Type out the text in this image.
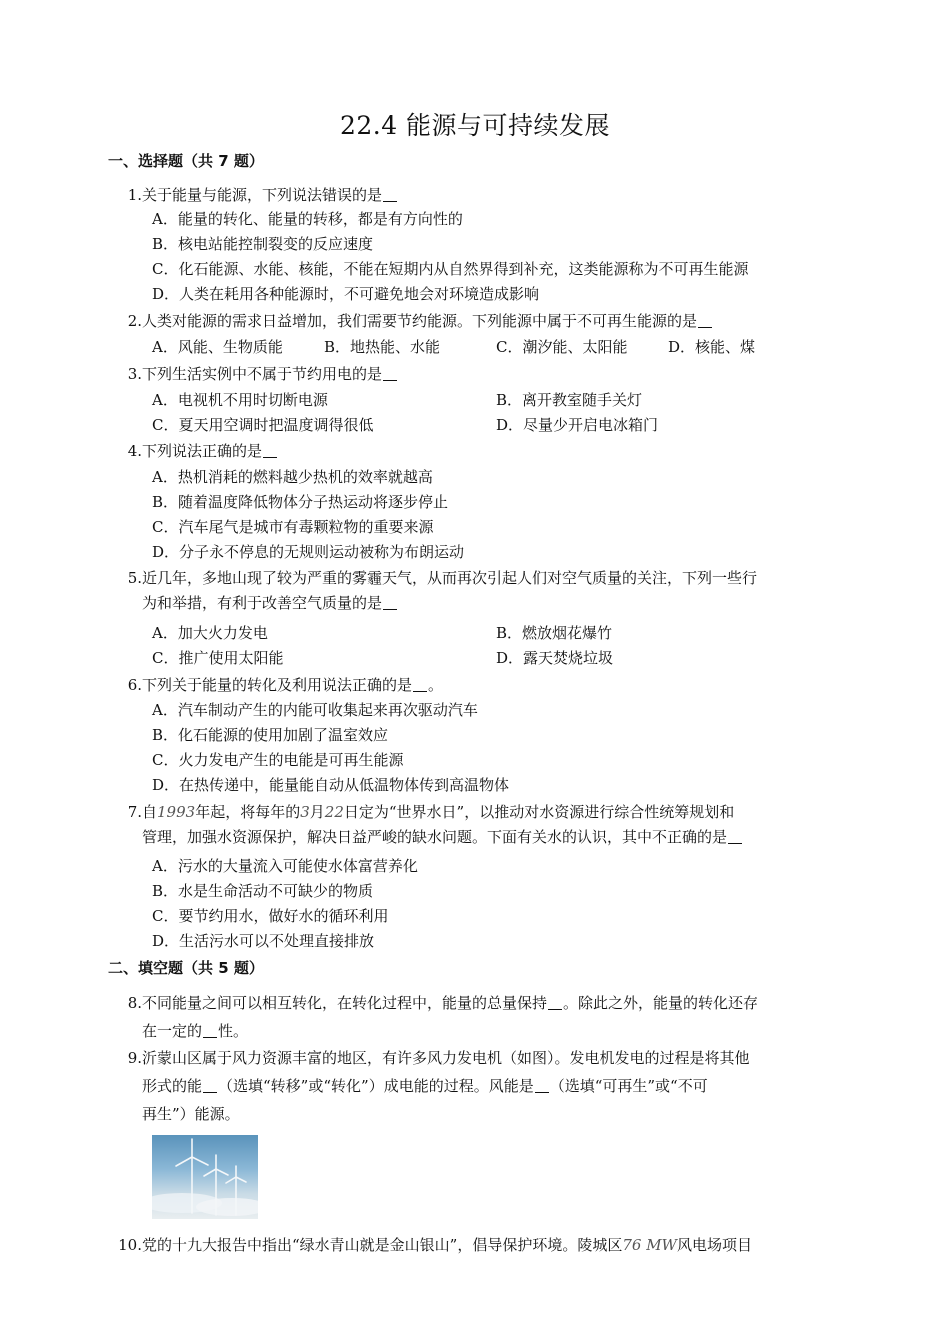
22.4 能源与可持续发展
一、选择题（共 7 题）
1. 关于能量与能源，下列说法错误的是
A．能量的转化、能量的转移，都是有方向性的
B．核电站能控制裂变的反应速度
C．化石能源、水能、核能，不能在短期内从自然界得到补充，这类能源称为不可再生能源
D．人类在耗用各种能源时，不可避免地会对环境造成影响
2. 人类对能源的需求日益增加，我们需要节约能源。下列能源中属于不可再生能源的是
A．风能、生物质能	B．地热能、水能	C．潮汐能、太阳能	D．核能、煤
3. 下列生活实例中不属于节约用电的是
A．电视机不用时切断电源	B．离开教室随手关灯
C．夏天用空调时把温度调得很低	D．尽量少开启电冰箱门
4. 下列说法正确的是
A．热机消耗的燃料越少热机的效率就越高
B．随着温度降低物体分子热运动将逐步停止
C．汽车尾气是城市有毒颗粒物的重要来源
D．分子永不停息的无规则运动被称为布朗运动
5. 近几年，多地山现了较为严重的雾霾天气，从而再次引起人们对空气质量的关注，下列一些行
为和举措，有利于改善空气质量的是
A．加大火力发电	B．燃放烟花爆竹
C．推广使用太阳能	D．露天焚烧垃圾
6. 下列关于能量的转化及利用说法正确的是 。
A．汽车制动产生的内能可收集起来再次驱动汽车
B．化石能源的使用加剧了温室效应
C．火力发电产生的电能是可再生能源
D．在热传递中，能量能自动从低温物体传到高温物体
7. 自1993年起，将每年的3月22日定为“世界水日”，以推动对水资源进行综合性统筹规划和
管理，加强水资源保护，解决日益严峻的缺水问题。下面有关水的认识，其中不正确的是
A．污水的大量流入可能使水体富营养化
B．水是生命活动不可缺少的物质
C．要节约用水，做好水的循环利用
D．生活污水可以不处理直接排放
二、填空题（共 5 题）
8. 不同能量之间可以相互转化，在转化过程中，能量的总量保持 。除此之外，能量的转化还存
在一定的 性。
9. 沂蒙山区属于风力资源丰富的地区，有许多风力发电机（如图）。发电机发电的过程是将其他
形式的能 （选填“转移”或“转化”）成电能的过程。风能是 （选填“可再生”或“不可
再生”）能源。
10. 党的十九大报告中指出“绿水青山就是金山银山”，倡导保护环境。陵城区76 MW风电场项目
